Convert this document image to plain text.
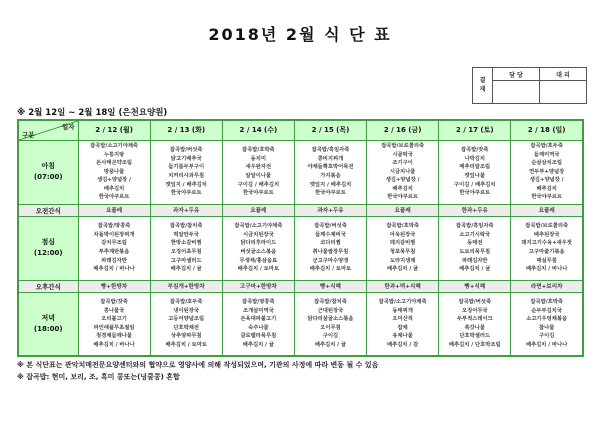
2018년 2월 식 단 표
결
재	담 당	대 리

※ 2월 12일 ~ 2월 18일 (은천요양원)
일자
구분	2 / 12 (월)	2 / 13 (화)	2 / 14 (수)	2 / 15 (목)	2 / 16 (금)	2 / 17 (토)	2 / 18 (일)
아침
(07:00)	
잡곡밥/소고기야채죽
누룽지탕
돈사태곤약조림
방풍나물
생김+양념장 /
배추김치
한국야쿠르트

잡곡밥/버섯죽
닭고기배추국
들기름두부구이
치커리사과무침
깻잎지 / 배추김치
한국야쿠르트

잡곡밥/호박죽
동치미
새우완자전
알알이나물
구이김 / 배추김치
한국야쿠르트

잡곡밥/흑임자죽
콩비지찌개
야채듬뿍호박어묵전
가지볶음
깻잎지 / 배추김치
한국야쿠르트

잡곡밥/브로콜리죽
시골떡국
조기구이
시금치나물
생김+양념장 /
배추김치
한국야쿠르트

잡곡밥/잣죽
나박김치
메추리알조림
깻잎나물
구이김 / 배추김치
한국야쿠르트

잡곡밥/호두죽
들깨미역국
순살삼치조림
연두부+양념장
생김+양념장 /
배추김치
한국야쿠르트

오전간식	요플레	과자+두유	요플레	과자+두유	요플레	한과+두유	요플레
점심
(12:00)	
잡곡밥/땅콩죽
차돌박이된장찌개
갈치무조림
부추계란볶음
파래김자반
배추김치 / 바나나

잡곡밥/참치죽
떡알만두국
한방소갈비찜
오징어초무침
고구마샐러드
배추김치 / 귤

잡곡밥/소고기야채죽
시금치된장국
닭다리후라이드
버섯굴소스볶음
무생채/홍삼음료
배추김치 / 토마토

잡곡밥/버섯죽
들깨수제비국
코다리찜
취나물쌈장무침
군고구마수양갱
배추김치 / 토마토

잡곡밥/호박죽
아욱된장국
돼지갈비찜
청포묵무침
도라지생채
배추김치 / 귤

잡곡밥/흑임자죽
소고기시락국
동태전
도토리묵무침
파래김자반
배추김치 / 귤

잡곡밥/브로콜리죽
배추된장국
돼지고기수육+새우젓
고구마줄기볶음
매실무침
배추김치 / 바나나

오후간식	빵+한방차	부침개+한방차	고구마+한방차	빵+식혜	한과+떡+식혜	빵+식혜	라면+보리차
저녁
(18:00)	
잡곡밥/잣죽
콩나물국
오리불고기
파인애플무초절임
청경채들깨나물
배추김치 / 바나나

잡곡밥/호두죽
냉이된장국
고등어양념조림
단호박채전
상추양파무침
배추김치 / 토마토

잡곡밥/땅콩죽
조개살미역국
돈육대파불고기
숙주나물
클로렐라묵무침
배추김치 / 귤

잡곡밥/참치죽
근대된장국
닭다리살굴소스볶음
오이무침
구이김
배추김치 / 귤

잡곡밥/소고기야채죽
동태찌개
오미산적
잡채
유채나물
배추김치 / 감

잡곡밥/버섯죽
오징어무국
두부적스테이크
쑥갓나물
단호박샐러드
배추김치 / 단호박조림

잡곡밥/호박죽
순두부김치국
소고기우엉채볶음
참나물
구이김
배추김치 / 바나나
※ 본 식단표는 관악치매전문요양센터와의 협약으로 영양사에 의해 작성되었으며, 기관의 사정에 따라 변동 될 수 있음
※ 잡곡밥: 현미, 보리, 조, 흑미 콩또는(넝쿨콩) 혼합
